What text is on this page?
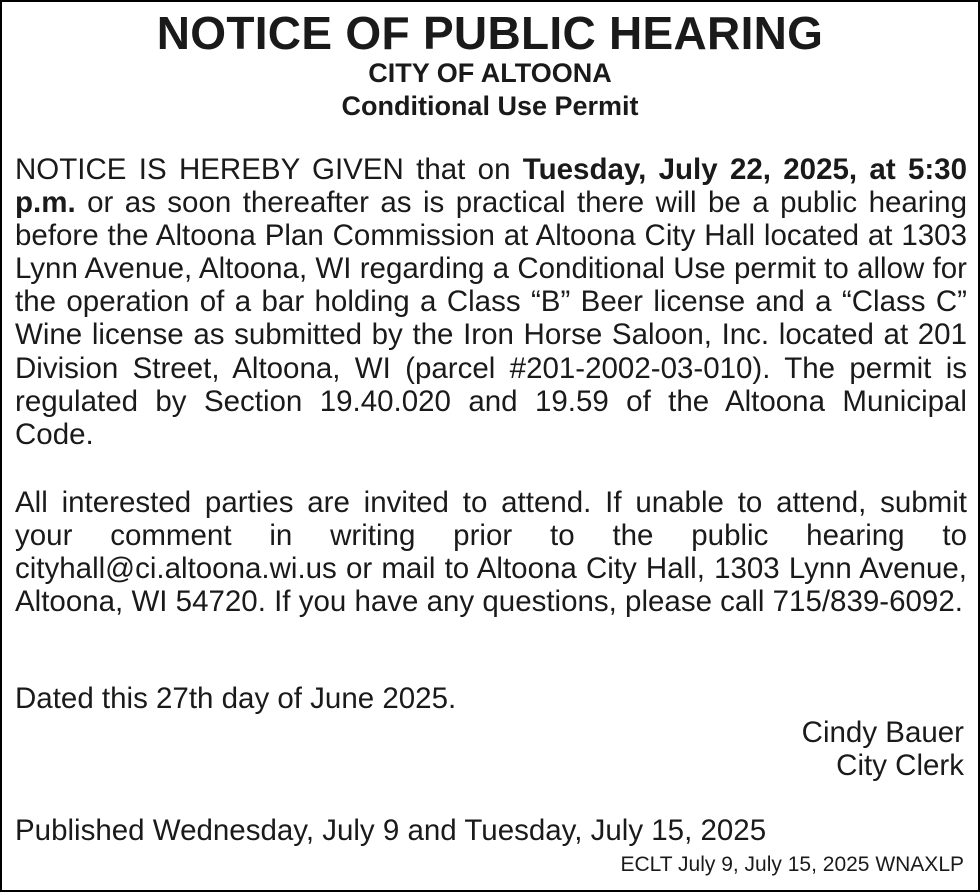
NOTICE OF PUBLIC HEARING
CITY OF ALTOONA
Conditional Use Permit

NOTICE IS HEREBY GIVEN that on Tuesday, July 22, 2025, at 5:30 p.m. or as soon thereafter as is practical there will be a public hearing before the Altoona Plan Commission at Altoona City Hall located at 1303 Lynn Avenue, Altoona, WI regarding a Conditional Use permit to allow for the operation of a bar holding a Class “B” Beer license and a “Class C” Wine license as submitted by the Iron Horse Saloon, Inc. located at 201 Division Street, Altoona, WI (parcel #201-2002-03-010). The permit is regulated by Section 19.40.020 and 19.59 of the Altoona Municipal Code.

All interested parties are invited to attend. If unable to attend, submit your comment in writing prior to the public hearing to cityhall@ci.altoona.wi.us or mail to Altoona City Hall, 1303 Lynn Avenue, Altoona, WI 54720. If you have any questions, please call 715/839-6092.

Dated this 27th day of June 2025.

Cindy Bauer

City Clerk

Published Wednesday, July 9 and Tuesday, July 15, 2025

ECLT July 9, July 15, 2025 WNAXLP
